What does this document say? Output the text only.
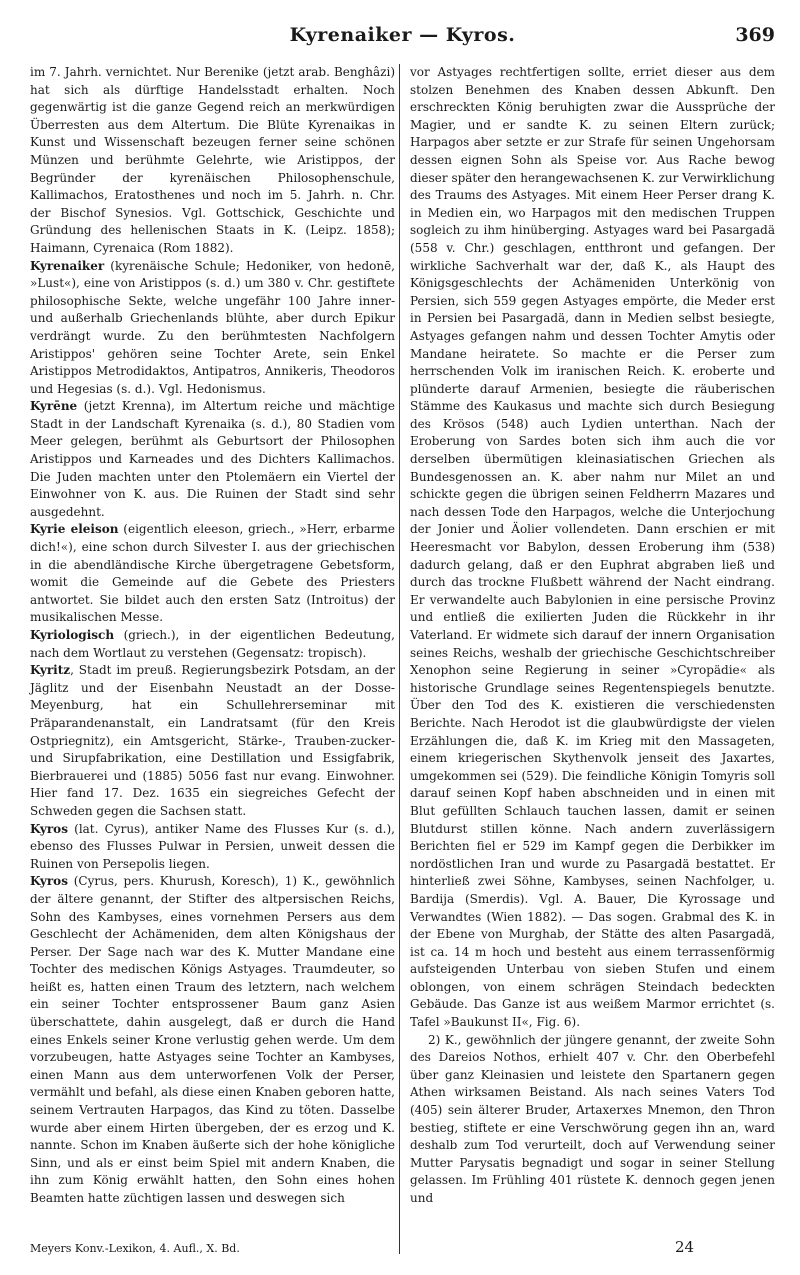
Kyrenaiker — Kyros.	369

im 7. Jahrh. vernichtet. Nur Berenike (jetzt arab. Benghâzi) hat sich als dürftige Handelsstadt erhalten. Noch gegenwärtig ist die ganze Gegend reich an merkwürdigen Überresten aus dem Altertum. Die Blüte Kyrenaikas in Kunst und Wissenschaft bezeugen ferner seine schönen Münzen und berühmte Gelehrte, wie Aristippos, der Begründer der kyrenäischen Philosophenschule, Kallimachos, Eratosthenes und noch im 5. Jahrh. n. Chr. der Bischof Synesios. Vgl. Gottschick, Geschichte und Gründung des hellenischen Staats in K. (Leipz. 1858); Haimann, Cyrenaica (Rom 1882).

Kyrenaiker (kyrenäische Schule; Hedoniker, von hedonē, »Lust«), eine von Aristippos (s. d.) um 380 v. Chr. gestiftete philosophische Sekte, welche ungefähr 100 Jahre inner- und außerhalb Griechenlands blühte, aber durch Epikur verdrängt wurde. Zu den berühmtesten Nachfolgern Aristippos' gehören seine Tochter Arete, sein Enkel Aristippos Metrodidaktos, Antipatros, Annikeris, Theodoros und Hegesias (s. d.). Vgl. Hedonismus.

Kyrēne (jetzt Krenna), im Altertum reiche und mächtige Stadt in der Landschaft Kyrenaika (s. d.), 80 Stadien vom Meer gelegen, berühmt als Geburtsort der Philosophen Aristippos und Karneades und des Dichters Kallimachos. Die Juden machten unter den Ptolemäern ein Viertel der Einwohner von K. aus. Die Ruinen der Stadt sind sehr ausgedehnt.

Kyrie eleison (eigentlich eleeson, griech., »Herr, erbarme dich!«), eine schon durch Silvester I. aus der griechischen in die abendländische Kirche übergetragene Gebetsform, womit die Gemeinde auf die Gebete des Priesters antwortet. Sie bildet auch den ersten Satz (Introitus) der musikalischen Messe.

Kyriologisch (griech.), in der eigentlichen Bedeutung, nach dem Wortlaut zu verstehen (Gegensatz: tropisch).

Kyritz, Stadt im preuß. Regierungsbezirk Potsdam, an der Jäglitz und der Eisenbahn Neustadt an der Dosse-Meyenburg, hat ein Schullehrerseminar mit Präparandenanstalt, ein Landratsamt (für den Kreis Ostpriegnitz), ein Amtsgericht, Stärke-, Trauben-zucker- und Sirupfabrikation, eine Destillation und Essigfabrik, Bierbrauerei und (1885) 5056 fast nur evang. Einwohner. Hier fand 17. Dez. 1635 ein siegreiches Gefecht der Schweden gegen die Sachsen statt.

Kyros (lat. Cyrus), antiker Name des Flusses Kur (s. d.), ebenso des Flusses Pulwar in Persien, unweit dessen die Ruinen von Persepolis liegen.

Kyros (Cyrus, pers. Khurush, Koresch), 1) K., gewöhnlich der ältere genannt, der Stifter des altpersischen Reichs, Sohn des Kambyses, eines vornehmen Persers aus dem Geschlecht der Achämeniden, dem alten Königshaus der Perser. Der Sage nach war des K. Mutter Mandane eine Tochter des medischen Königs Astyages. Traumdeuter, so heißt es, hatten einen Traum des letztern, nach welchem ein seiner Tochter entsprossener Baum ganz Asien überschattete, dahin ausgelegt, daß er durch die Hand eines Enkels seiner Krone verlustig gehen werde. Um dem vorzubeugen, hatte Astyages seine Tochter an Kambyses, einen Mann aus dem unterworfenen Volk der Perser, vermählt und befahl, als diese einen Knaben geboren hatte, seinem Vertrauten Harpagos, das Kind zu töten. Dasselbe wurde aber einem Hirten übergeben, der es erzog und K. nannte. Schon im Knaben äußerte sich der hohe königliche Sinn, und als er einst beim Spiel mit andern Knaben, die ihn zum König erwählt hatten, den Sohn eines hohen Beamten hatte züchtigen lassen und deswegen sich

vor Astyages rechtfertigen sollte, erriet dieser aus dem stolzen Benehmen des Knaben dessen Abkunft. Den erschreckten König beruhigten zwar die Aussprüche der Magier, und er sandte K. zu seinen Eltern zurück; Harpagos aber setzte er zur Strafe für seinen Ungehorsam dessen eignen Sohn als Speise vor. Aus Rache bewog dieser später den herangewachsenen K. zur Verwirklichung des Traums des Astyages. Mit einem Heer Perser drang K. in Medien ein, wo Harpagos mit den medischen Truppen sogleich zu ihm hinüberging. Astyages ward bei Pasargadä (558 v. Chr.) geschlagen, entthront und gefangen. Der wirkliche Sachverhalt war der, daß K., als Haupt des Königsgeschlechts der Achämeniden Unterkönig von Persien, sich 559 gegen Astyages empörte, die Meder erst in Persien bei Pasargadä, dann in Medien selbst besiegte, Astyages gefangen nahm und dessen Tochter Amytis oder Mandane heiratete. So machte er die Perser zum herrschenden Volk im iranischen Reich. K. eroberte und plünderte darauf Armenien, besiegte die räuberischen Stämme des Kaukasus und machte sich durch Besiegung des Krösos (548) auch Lydien unterthan. Nach der Eroberung von Sardes boten sich ihm auch die vor derselben übermütigen kleinasiatischen Griechen als Bundesgenossen an. K. aber nahm nur Milet an und schickte gegen die übrigen seinen Feldherrn Mazares und nach dessen Tode den Harpagos, welche die Unterjochung der Jonier und Äolier vollendeten. Dann erschien er mit Heeresmacht vor Babylon, dessen Eroberung ihm (538) dadurch gelang, daß er den Euphrat abgraben ließ und durch das trockne Flußbett während der Nacht eindrang. Er verwandelte auch Babylonien in eine persische Provinz und entließ die exilierten Juden die Rückkehr in ihr Vaterland. Er widmete sich darauf der innern Organisation seines Reichs, weshalb der griechische Geschichtschreiber Xenophon seine Regierung in seiner »Cyropädie« als historische Grundlage seines Regentenspiegels benutzte. Über den Tod des K. existieren die verschiedensten Berichte. Nach Herodot ist die glaubwürdigste der vielen Erzählungen die, daß K. im Krieg mit den Massageten, einem kriegerischen Skythenvolk jenseit des Jaxartes, umgekommen sei (529). Die feindliche Königin Tomyris soll darauf seinen Kopf haben abschneiden und in einen mit Blut gefüllten Schlauch tauchen lassen, damit er seinen Blutdurst stillen könne. Nach andern zuverlässigern Berichten fiel er 529 im Kampf gegen die Derbikker im nordöstlichen Iran und wurde zu Pasargadä bestattet. Er hinterließ zwei Söhne, Kambyses, seinen Nachfolger, u. Bardija (Smerdis). Vgl. A. Bauer, Die Kyrossage und Verwandtes (Wien 1882). — Das sogen. Grabmal des K. in der Ebene von Murghab, der Stätte des alten Pasargadä, ist ca. 14 m hoch und besteht aus einem terrassenförmig aufsteigenden Unterbau von sieben Stufen und einem oblongen, von einem schrägen Steindach bedeckten Gebäude. Das Ganze ist aus weißem Marmor errichtet (s. Tafel »Baukunst II«, Fig. 6).

2) K., gewöhnlich der jüngere genannt, der zweite Sohn des Dareios Nothos, erhielt 407 v. Chr. den Oberbefehl über ganz Kleinasien und leistete den Spartanern gegen Athen wirksamen Beistand. Als nach seines Vaters Tod (405) sein älterer Bruder, Artaxerxes Mnemon, den Thron bestieg, stiftete er eine Verschwörung gegen ihn an, ward deshalb zum Tod verurteilt, doch auf Verwendung seiner Mutter Parysatis begnadigt und sogar in seiner Stellung gelassen. Im Frühling 401 rüstete K. dennoch gegen jenen und

Meyers Konv.-Lexikon, 4. Aufl., X. Bd.	24
